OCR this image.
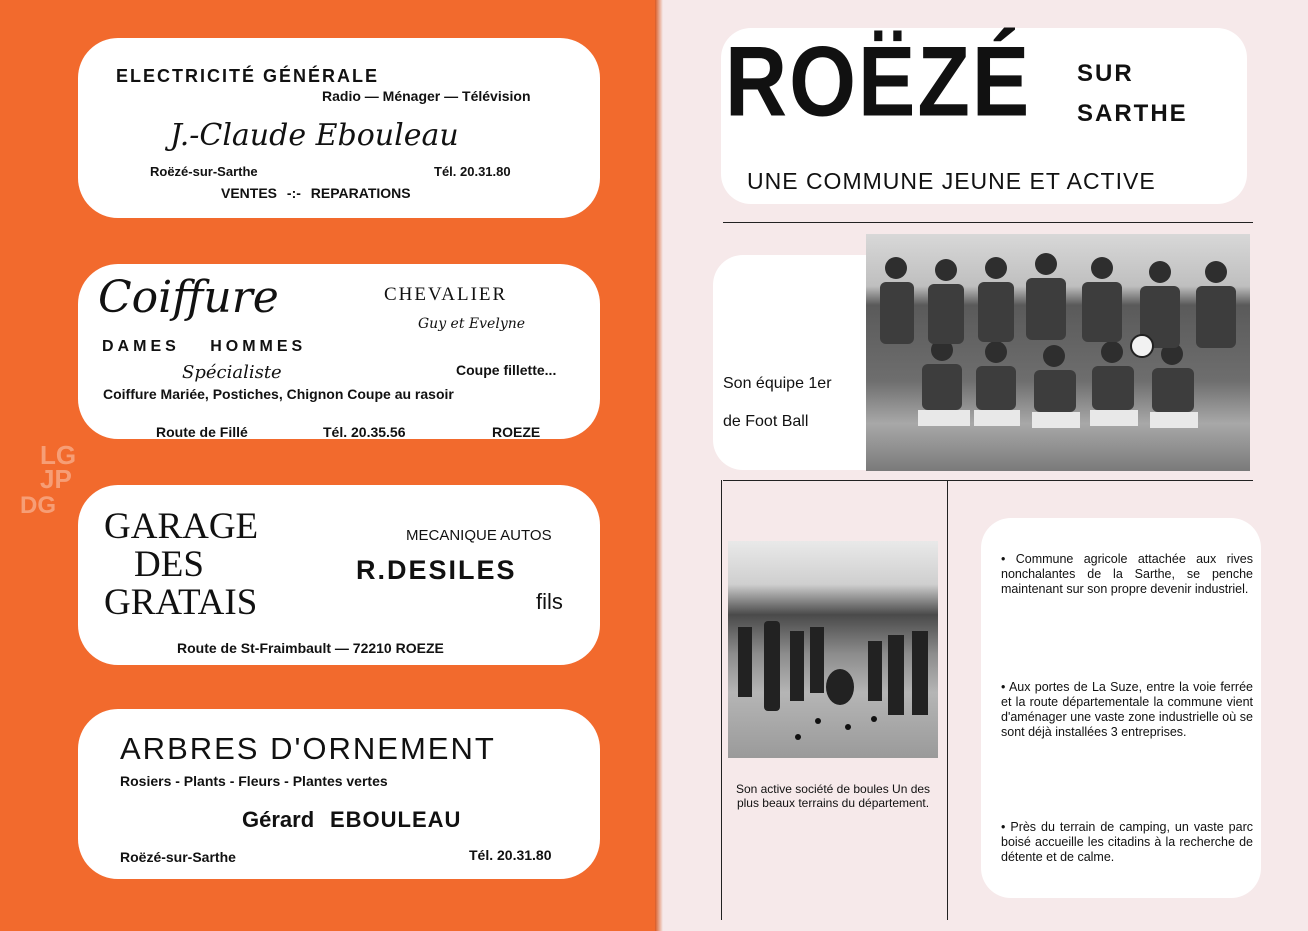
ELECTRICITÉ GÉNÉRALE
Radio — Ménager — Télévision
J.-Claude Ebouleau
Roëzé-sur-Sarthe	Tél. 20.31.80
VENTES -:- REPARATIONS
Coiffure	CHEVALIER
Guy et Evelyne
DAMES HOMMES
Spécialiste	Coupe fillette...
Coiffure Mariée, Postiches, Chignon Coupe au rasoir
Route de Fillé	Tél. 20.35.56	ROEZE
GARAGE
DES
GRATAIS
MECANIQUE AUTOS
R.DESILES
fils
Route de St-Fraimbault — 72210 ROEZE
ARBRES D'ORNEMENT
Rosiers - Plants - Fleurs - Plantes vertes
Gérard EBOULEAU
Roëzé-sur-Sarthe	Tél. 20.31.80
ROËZÉ SUR
SARTHE
UNE COMMUNE JEUNE ET ACTIVE
Son équipe 1er
de Foot Ball
Son active société de boules Un des plus beaux terrains du département.
• Commune agricole attachée aux rives nonchalantes de la Sarthe, se penche maintenant sur son propre devenir industriel.
• Aux portes de La Suze, entre la voie ferrée et la route départementale la commune vient d'aménager une vaste zone industrielle où se sont déjà installées 3 entreprises.
• Près du terrain de camping, un vaste parc boisé accueille les citadins à la recherche de détente et de calme.
LG
JP
DG
